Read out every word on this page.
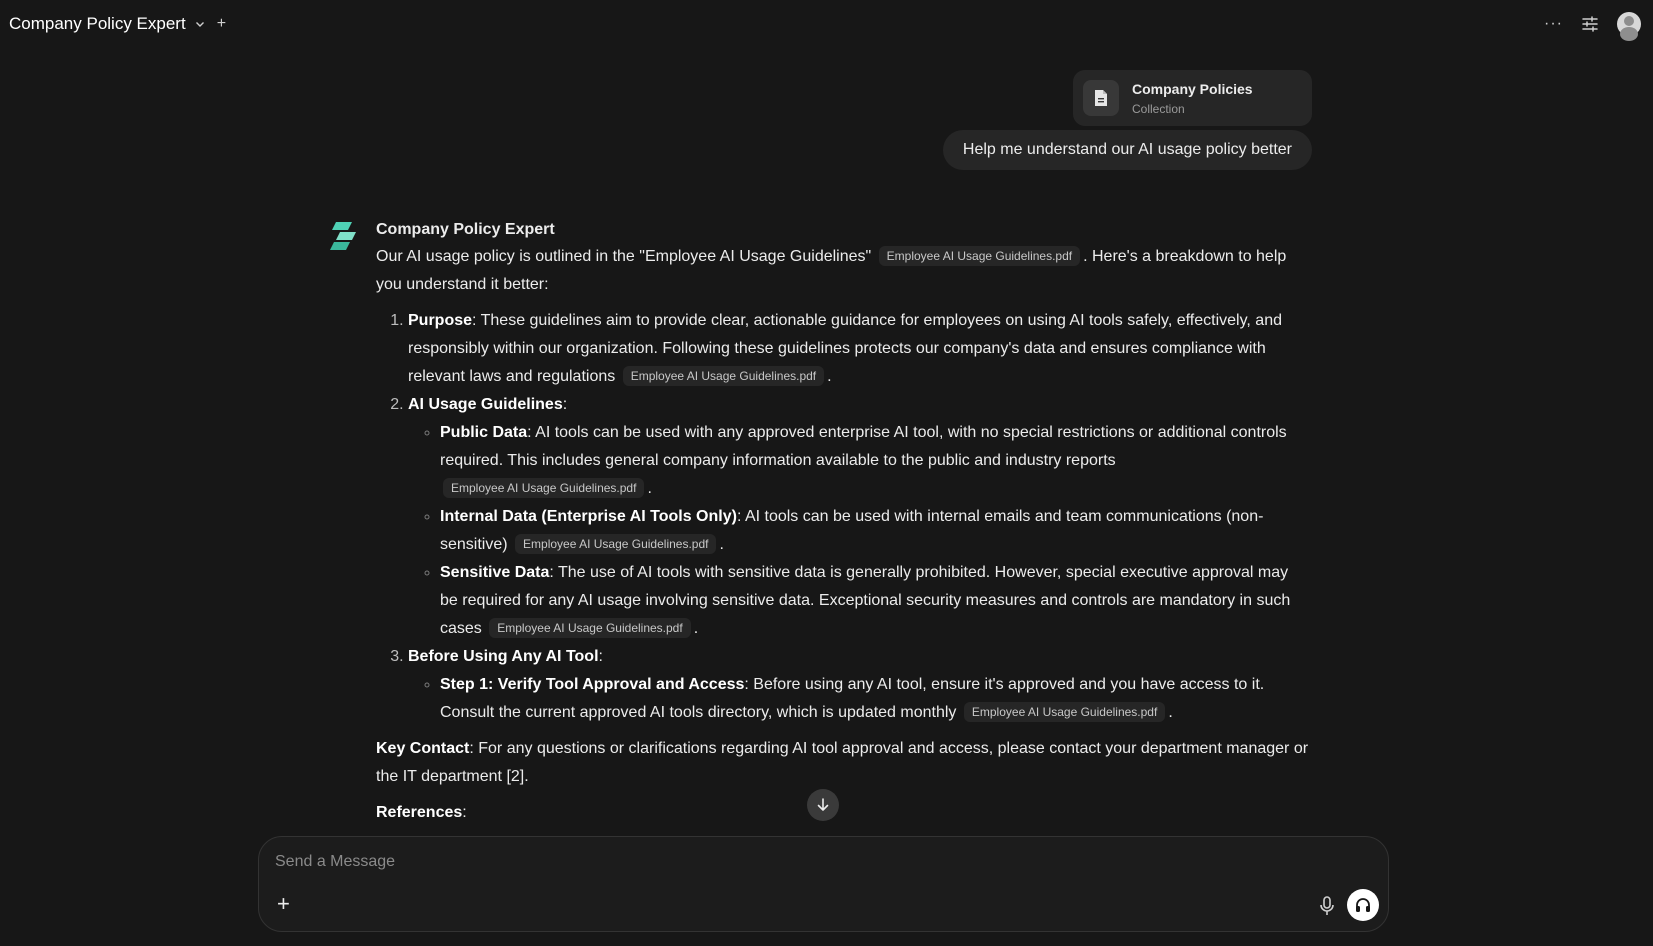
Company Policy Expert +	···
Company Policies
Collection
Help me understand our AI usage policy better
Company Policy Expert

Our AI usage policy is outlined in the "Employee AI Usage Guidelines" Employee AI Usage Guidelines.pdf . Here's a breakdown to help you understand it better:

1. Purpose: These guidelines aim to provide clear, actionable guidance for employees on using AI tools safely, effectively, and responsibly within our organization. Following these guidelines protects our company's data and ensures compliance with relevant laws and regulations Employee AI Usage Guidelines.pdf .
2. AI Usage Guidelines:
◦ Public Data: AI tools can be used with any approved enterprise AI tool, with no special restrictions or additional controls required. This includes general company information available to the public and industry reports Employee AI Usage Guidelines.pdf .
◦ Internal Data (Enterprise AI Tools Only): AI tools can be used with internal emails and team communications (non-sensitive) Employee AI Usage Guidelines.pdf .
◦ Sensitive Data: The use of AI tools with sensitive data is generally prohibited. However, special executive approval may be required for any AI usage involving sensitive data. Exceptional security measures and controls are mandatory in such cases Employee AI Usage Guidelines.pdf .
3. Before Using Any AI Tool:
◦ Step 1: Verify Tool Approval and Access: Before using any AI tool, ensure it's approved and you have access to it. Consult the current approved AI tools directory, which is updated monthly Employee AI Usage Guidelines.pdf .

Key Contact: For any questions or clarifications regarding AI tool approval and access, please contact your department manager or the IT department [2].

References:

Send a Message
+
